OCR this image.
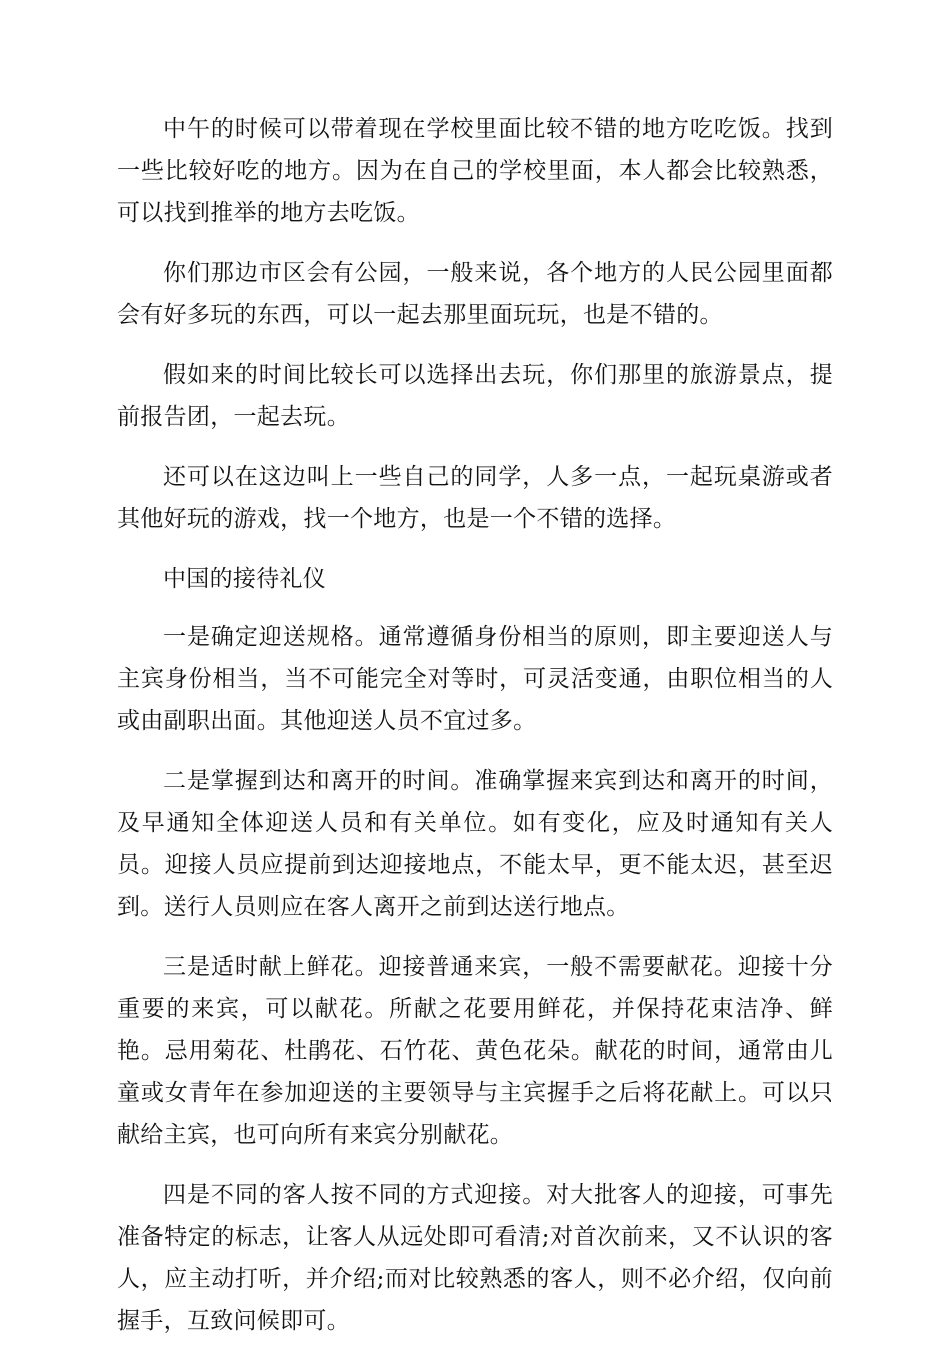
中午的时候可以带着现在学校里面比较不错的地方吃吃饭。找到一些比较好吃的地方。因为在自己的学校里面，本人都会比较熟悉，可以找到推举的地方去吃饭。

你们那边市区会有公园，一般来说，各个地方的人民公园里面都会有好多玩的东西，可以一起去那里面玩玩，也是不错的。

假如来的时间比较长可以选择出去玩，你们那里的旅游景点，提前报告团，一起去玩。

还可以在这边叫上一些自己的同学，人多一点，一起玩桌游或者其他好玩的游戏，找一个地方，也是一个不错的选择。

中国的接待礼仪

一是确定迎送规格。通常遵循身份相当的原则，即主要迎送人与主宾身份相当，当不可能完全对等时，可灵活变通，由职位相当的人或由副职出面。其他迎送人员不宜过多。

二是掌握到达和离开的时间。准确掌握来宾到达和离开的时间，及早通知全体迎送人员和有关单位。如有变化，应及时通知有关人员。迎接人员应提前到达迎接地点，不能太早，更不能太迟，甚至迟到。送行人员则应在客人离开之前到达送行地点。

三是适时献上鲜花。迎接普通来宾，一般不需要献花。迎接十分重要的来宾，可以献花。所献之花要用鲜花，并保持花束洁净、鲜艳。忌用菊花、杜鹃花、石竹花、黄色花朵。献花的时间，通常由儿童或女青年在参加迎送的主要领导与主宾握手之后将花献上。可以只献给主宾，也可向所有来宾分别献花。

四是不同的客人按不同的方式迎接。对大批客人的迎接，可事先准备特定的标志，让客人从远处即可看清;对首次前来，又不认识的客人，应主动打听，并介绍;而对比较熟悉的客人，则不必介绍，仅向前握手，互致问候即可。
